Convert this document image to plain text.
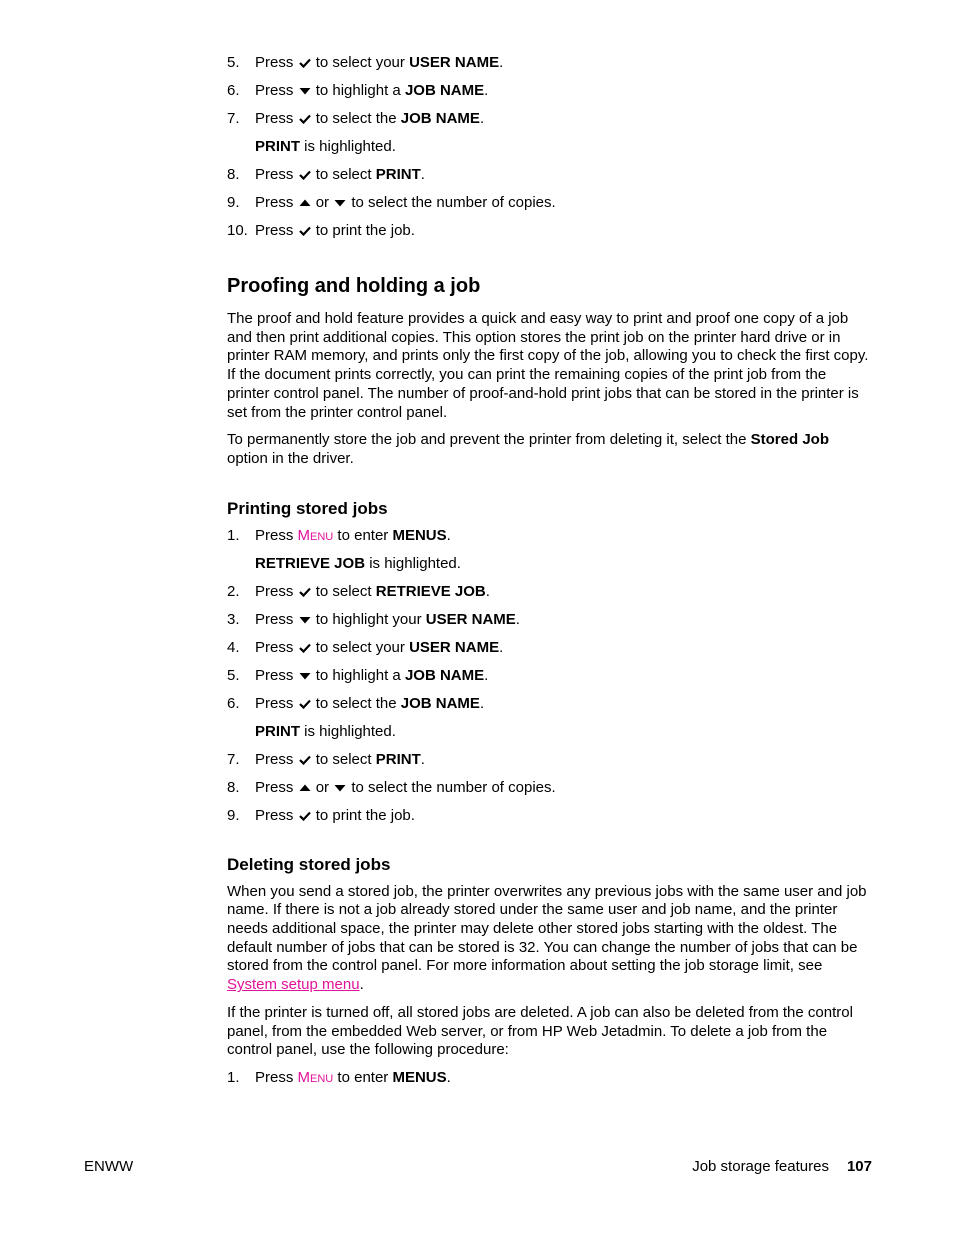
5.	Press to select your USER NAME.
6.	Press to highlight a JOB NAME.
7.	Press to select the JOB NAME.
PRINT is highlighted.
8.	Press to select PRINT.
9.	Press or to select the number of copies.
10. Press to print the job.
Proofing and holding a job

The proof and hold feature provides a quick and easy way to print and proof one copy of a job and then print additional copies. This option stores the print job on the printer hard drive or in printer RAM memory, and prints only the first copy of the job, allowing you to check the first copy. If the document prints correctly, you can print the remaining copies of the print job from the printer control panel. The number of proof-and-hold print jobs that can be stored in the printer is set from the printer control panel.

To permanently store the job and prevent the printer from deleting it, select the Stored Job option in the driver.

Printing stored jobs
1.	Press Menu to enter MENUS.
RETRIEVE JOB is highlighted.
2.	Press to select RETRIEVE JOB.
3.	Press to highlight your USER NAME.
4.	Press to select your USER NAME.
5.	Press to highlight a JOB NAME.
6.	Press to select the JOB NAME.
PRINT is highlighted.
7.	Press to select PRINT.
8.	Press or to select the number of copies.
9.	Press to print the job.
Deleting stored jobs

When you send a stored job, the printer overwrites any previous jobs with the same user and job name. If there is not a job already stored under the same user and job name, and the printer needs additional space, the printer may delete other stored jobs starting with the oldest. The default number of jobs that can be stored is 32. You can change the number of jobs that can be stored from the control panel. For more information about setting the job storage limit, see System setup menu.

If the printer is turned off, all stored jobs are deleted. A job can also be deleted from the control panel, from the embedded Web server, or from HP Web Jetadmin. To delete a job from the control panel, use the following procedure:

1.	Press Menu to enter MENUS.
ENWW	Job storage features 107
